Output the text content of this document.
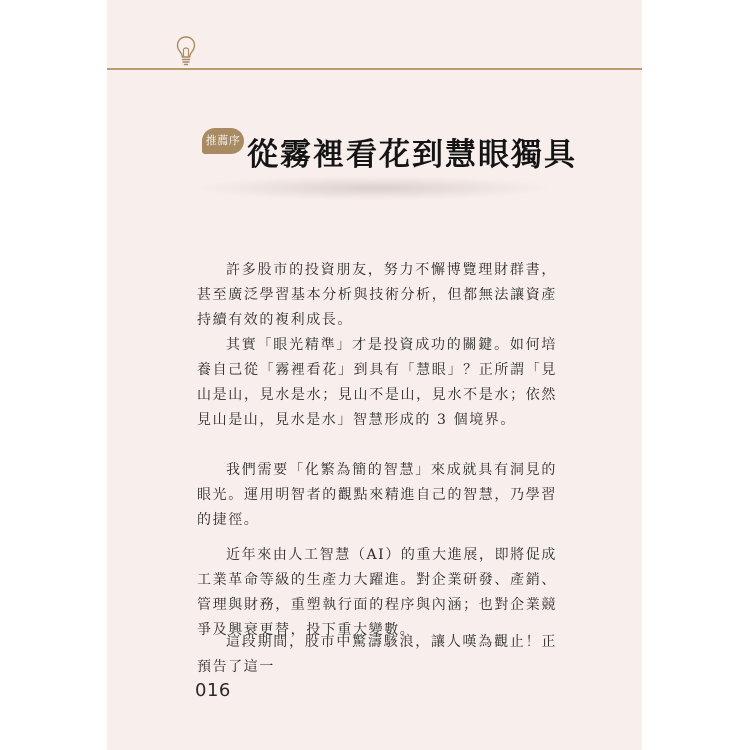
推薦序 從霧裡看花到慧眼獨具

許多股市的投資朋友，努力不懈博覽理財群書，甚至廣泛學習基本分析與技術分析，但都無法讓資產持續有效的複利成長。

其實「眼光精準」才是投資成功的關鍵。如何培養自己從「霧裡看花」到具有「慧眼」？正所謂「見山是山，見水是水；見山不是山，見水不是水；依然見山是山，見水是水」智慧形成的 3 個境界。

我們需要「化繁為簡的智慧」來成就具有洞見的眼光。運用明智者的觀點來精進自己的智慧，乃學習的捷徑。

近年來由人工智慧（AI）的重大進展，即將促成工業革命等級的生產力大躍進。對企業研發、產銷、管理與財務，重塑執行面的程序與內涵；也對企業競爭及興衰更替，投下重大變數。

這段期間，股市中驚濤駭浪，讓人嘆為觀止！正預告了這一

016
